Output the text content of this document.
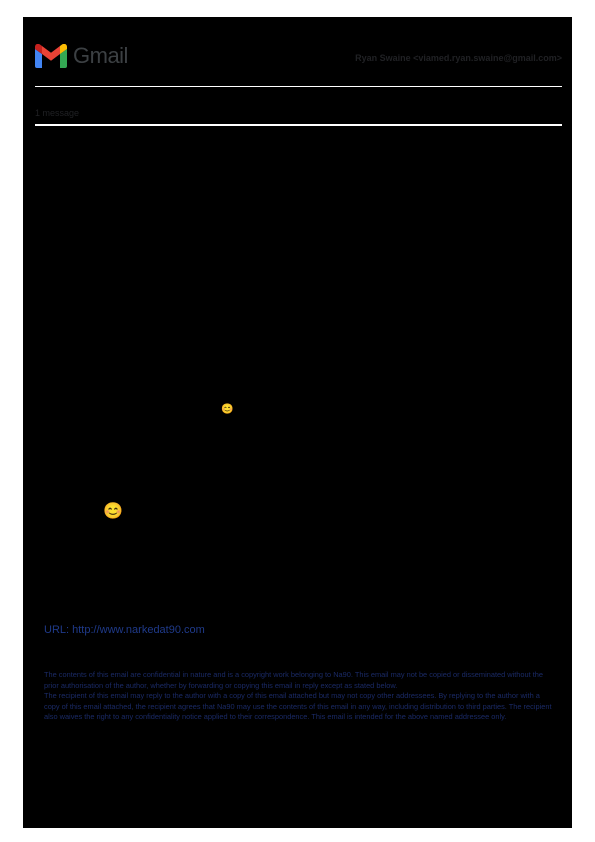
Gmail	Ryan Swaine <viamed.ryan.swaine@gmail.com>
1 message
😊
😊
URL: http://www.narkedat90.com

The contents of this email are confidential in nature and is a copyright work belonging to Na90. This email may not be copied or disseminated without the prior authorisation of the author, whether by forwarding or copying this email in reply except as stated below.

The recipient of this email may reply to the author with a copy of this email attached but may not copy other addressees. By replying to the author with a copy of this email attached, the recipient agrees that Na90 may use the contents of this email in any way, including distribution to third parties. The recipient also waives the right to any confidentiality notice applied to their correspondence. This email is intended for the above named addressee only.
